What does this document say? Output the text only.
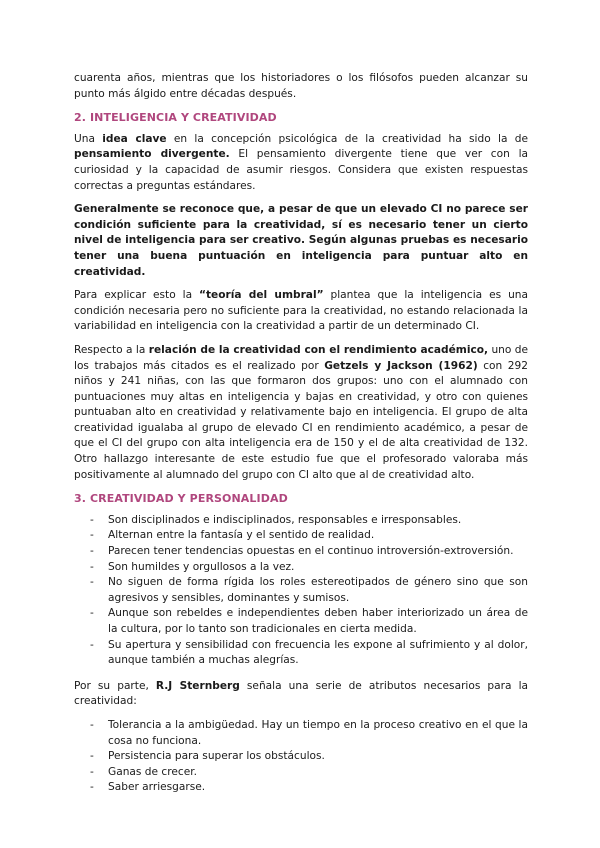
cuarenta años, mientras que los historiadores o los filósofos pueden alcanzar su punto más álgido entre décadas después.

2. INTELIGENCIA Y CREATIVIDAD

Una idea clave en la concepción psicológica de la creatividad ha sido la de pensamiento divergente. El pensamiento divergente tiene que ver con la curiosidad y la capacidad de asumir riesgos. Considera que existen respuestas correctas a preguntas estándares.

Generalmente se reconoce que, a pesar de que un elevado CI no parece ser condición suficiente para la creatividad, sí es necesario tener un cierto nivel de inteligencia para ser creativo. Según algunas pruebas es necesario tener una buena puntuación en inteligencia para puntuar alto en creatividad.

Para explicar esto la “teoría del umbral” plantea que la inteligencia es una condición necesaria pero no suficiente para la creatividad, no estando relacionada la variabilidad en inteligencia con la creatividad a partir de un determinado CI.

Respecto a la relación de la creatividad con el rendimiento académico, uno de los trabajos más citados es el realizado por Getzels y Jackson (1962) con 292 niños y 241 niñas, con las que formaron dos grupos: uno con el alumnado con puntuaciones muy altas en inteligencia y bajas en creatividad, y otro con quienes puntuaban alto en creatividad y relativamente bajo en inteligencia. El grupo de alta creatividad igualaba al grupo de elevado CI en rendimiento académico, a pesar de que el CI del grupo con alta inteligencia era de 150 y el de alta creatividad de 132. Otro hallazgo interesante de este estudio fue que el profesorado valoraba más positivamente al alumnado del grupo con CI alto que al de creatividad alto.

3. CREATIVIDAD Y PERSONALIDAD
- Son disciplinados e indisciplinados, responsables e irresponsables.
- Alternan entre la fantasía y el sentido de realidad.
- Parecen tener tendencias opuestas en el continuo introversión-extroversión.
- Son humildes y orgullosos a la vez.
- No siguen de forma rígida los roles estereotipados de género sino que son agresivos y sensibles, dominantes y sumisos.
- Aunque son rebeldes e independientes deben haber interiorizado un área de la cultura, por lo tanto son tradicionales en cierta medida.
- Su apertura y sensibilidad con frecuencia les expone al sufrimiento y al dolor, aunque también a muchas alegrías.

Por su parte, R.J Sternberg señala una serie de atributos necesarios para la creatividad:

- Tolerancia a la ambigüedad. Hay un tiempo en la proceso creativo en el que la cosa no funciona.
- Persistencia para superar los obstáculos.
- Ganas de crecer.
- Saber arriesgarse.
